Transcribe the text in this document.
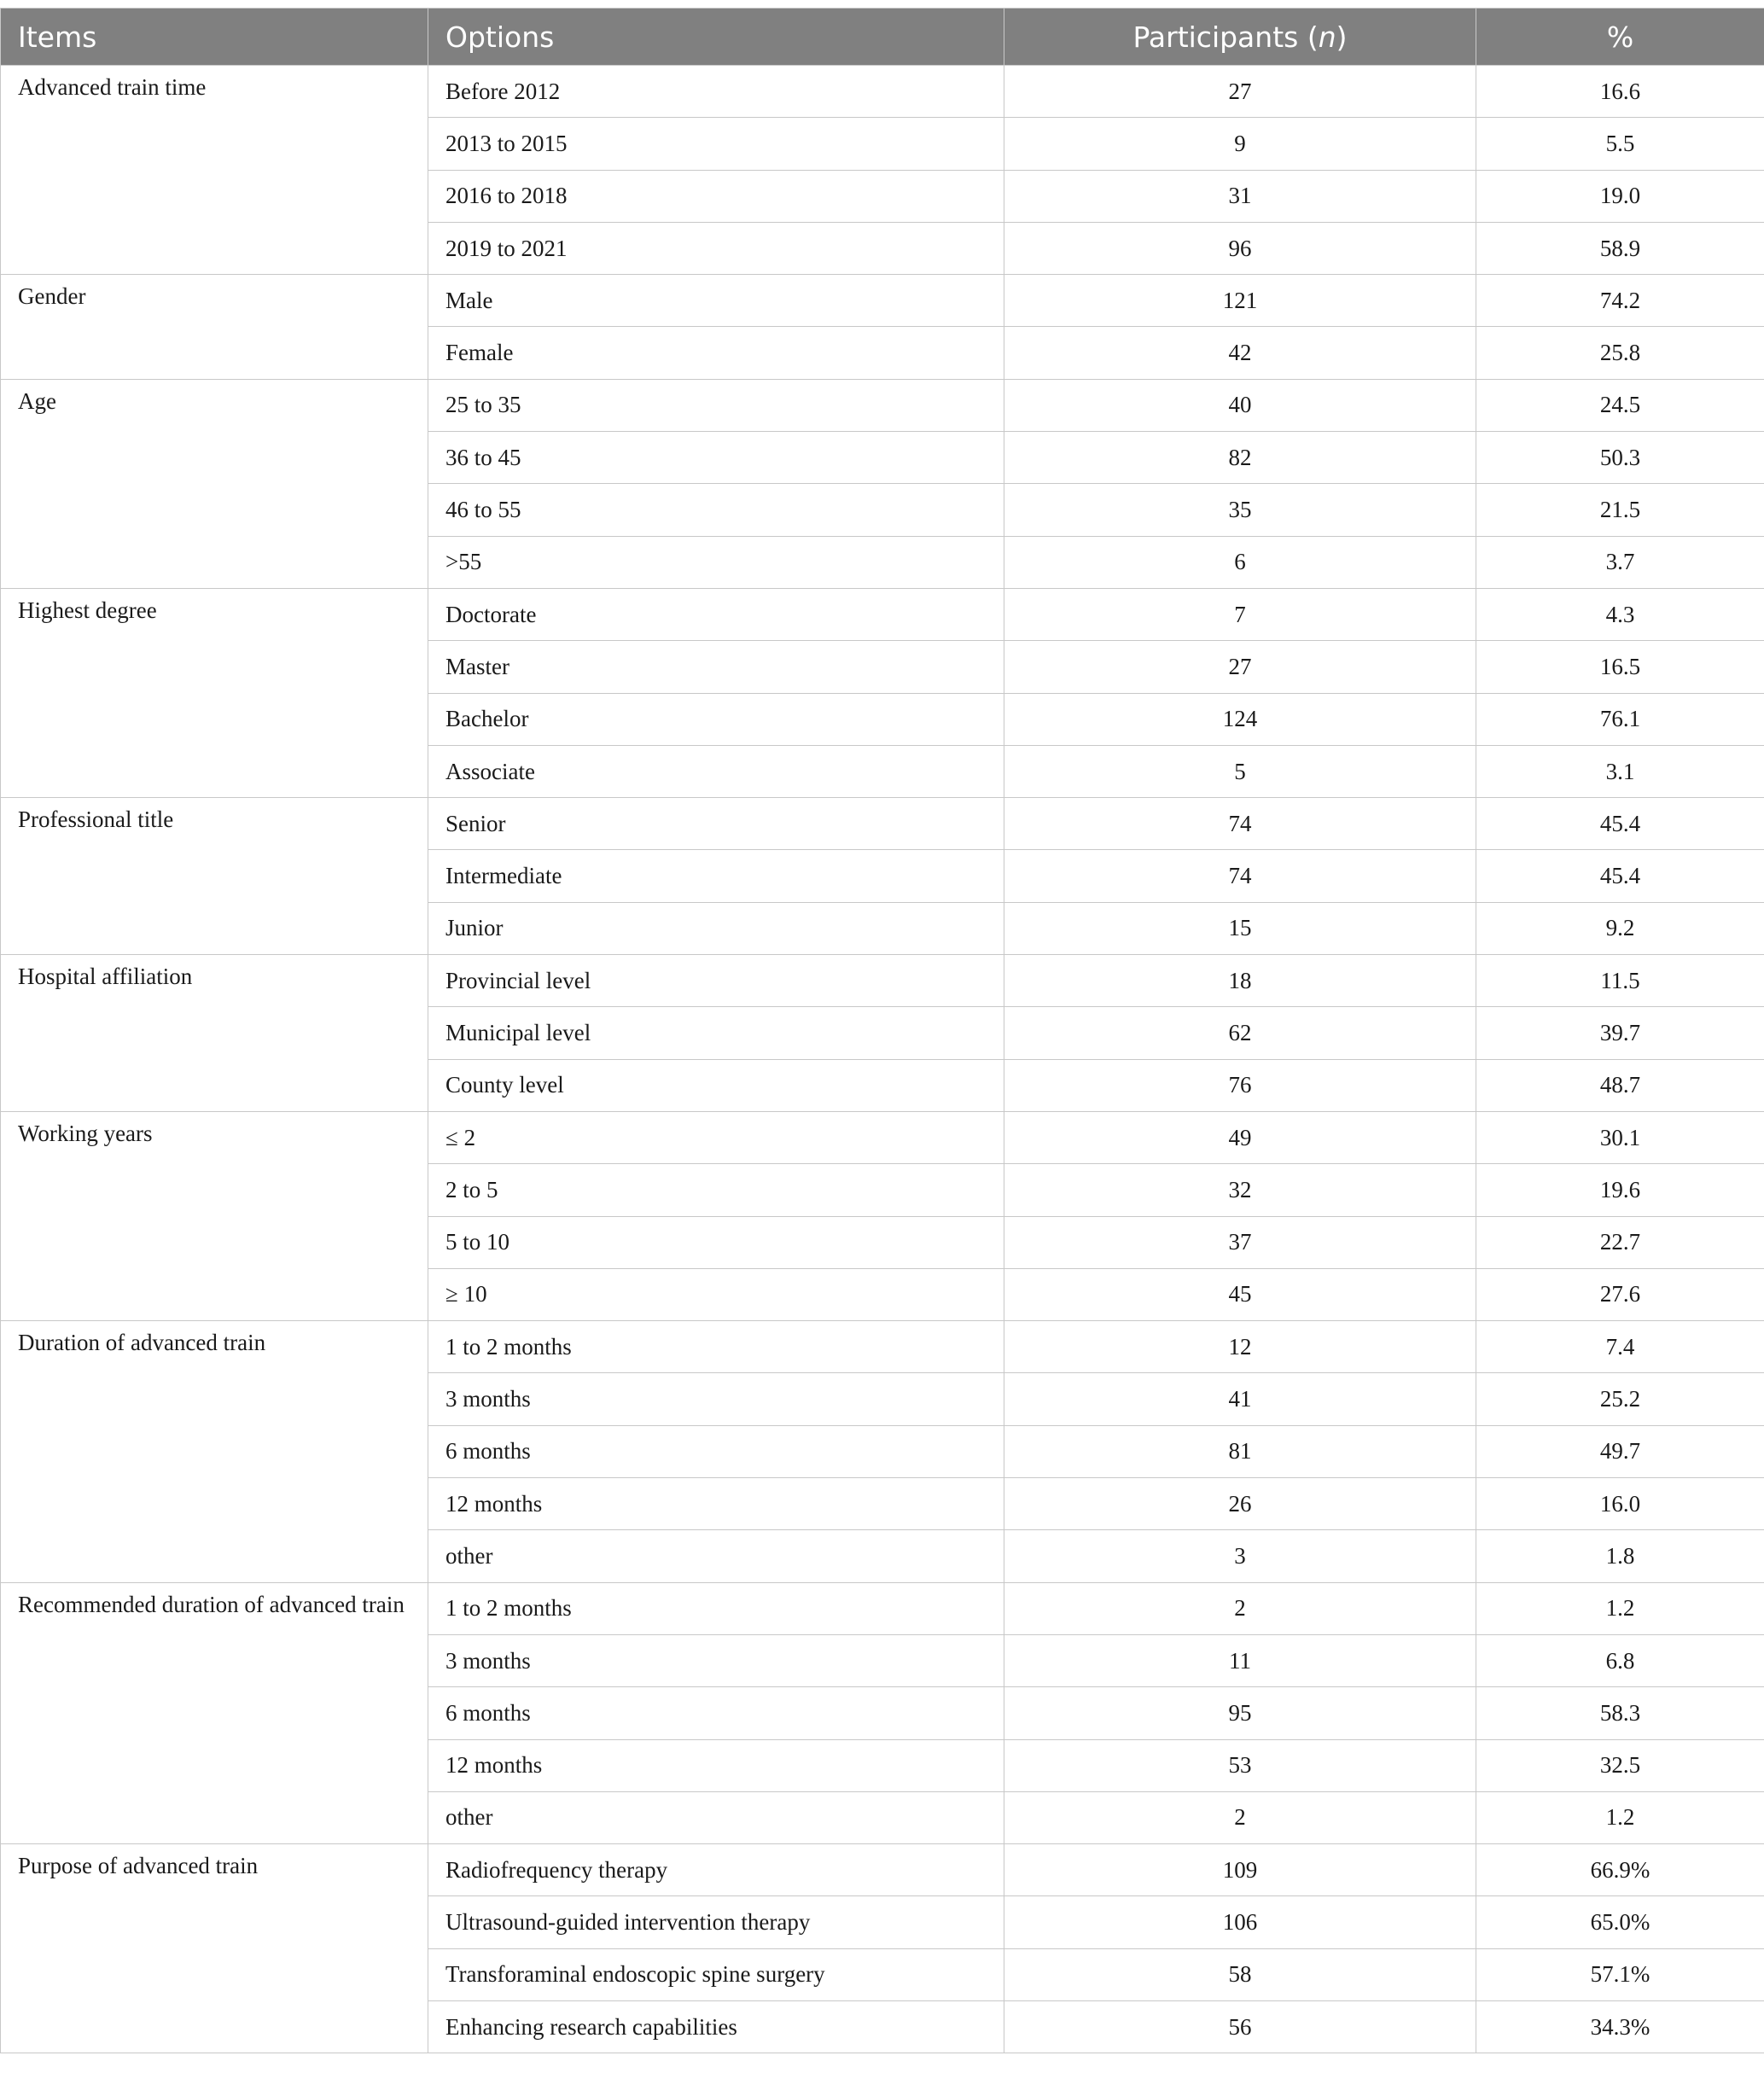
Items	Options	Participants (n)	%
Advanced train time	Before 2012	27	16.6
	2013 to 2015	9	5.5
	2016 to 2018	31	19.0
	2019 to 2021	96	58.9
Gender	Male	121	74.2
	Female	42	25.8
Age	25 to 35	40	24.5
	36 to 45	82	50.3
	46 to 55	35	21.5
	>55	6	3.7
Highest degree	Doctorate	7	4.3
	Master	27	16.5
	Bachelor	124	76.1
	Associate	5	3.1
Professional title	Senior	74	45.4
	Intermediate	74	45.4
	Junior	15	9.2
Hospital affiliation	Provincial level	18	11.5
	Municipal level	62	39.7
	County level	76	48.7
Working years	≤ 2	49	30.1
	2 to 5	32	19.6
	5 to 10	37	22.7
	≥ 10	45	27.6
Duration of advanced train	1 to 2 months	12	7.4
	3 months	41	25.2
	6 months	81	49.7
	12 months	26	16.0
	other	3	1.8
Recommended duration of advanced train	1 to 2 months	2	1.2
	3 months	11	6.8
	6 months	95	58.3
	12 months	53	32.5
	other	2	1.2
Purpose of advanced train	Radiofrequency therapy	109	66.9%
	Ultrasound-guided intervention therapy	106	65.0%
	Transforaminal endoscopic spine surgery	58	57.1%
	Enhancing research capabilities	56	34.3%
